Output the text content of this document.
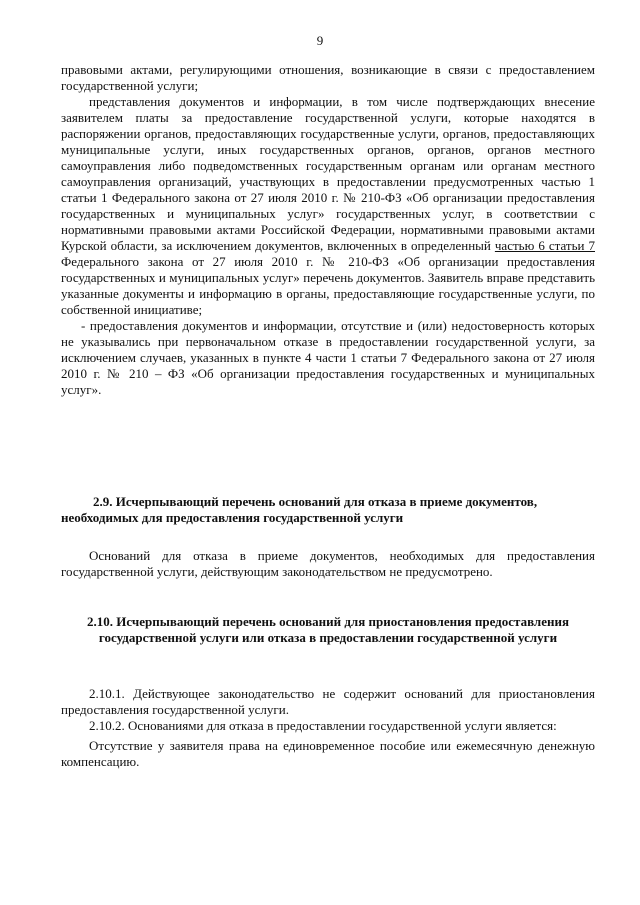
9

правовыми актами, регулирующими отношения, возникающие в связи с предоставлением государственной услуги;

представления документов и информации, в том числе подтверждающих внесение заявителем платы за предоставление государственной услуги, которые находятся в распоряжении органов, предоставляющих государственные услуги, органов, предоставляющих муниципальные услуги, иных государственных органов, органов, органов местного самоуправления либо подведомственных государственным органам или органам местного самоуправления организаций, участвующих в предоставлении предусмотренных частью 1 статьи 1 Федерального закона от 27 июля 2010 г. № 210-ФЗ «Об организации предоставления государственных и муниципальных услуг» государственных услуг, в соответствии с нормативными правовыми актами Российской Федерации, нормативными правовыми актами Курской области, за исключением документов, включенных в определенный частью 6 статьи 7 Федерального закона от 27 июля 2010 г. № 210-ФЗ «Об организации предоставления государственных и муниципальных услуг» перечень документов. Заявитель вправе представить указанные документы и информацию в органы, предоставляющие государственные услуги, по собственной инициативе;

- предоставления документов и информации, отсутствие и (или) недостоверность которых не указывались при первоначальном отказе в предоставлении государственной услуги, за исключением случаев, указанных в пункте 4 части 1 статьи 7 Федерального закона от 27 июля 2010 г. № 210 – ФЗ «Об организации предоставления государственных и муниципальных услуг».

2.9. Исчерпывающий перечень оснований для отказа в приеме документов, необходимых для предоставления государственной услуги

Оснований для отказа в приеме документов, необходимых для предоставления государственной услуги, действующим законодательством не предусмотрено.

2.10. Исчерпывающий перечень оснований для приостановления предоставления государственной услуги или отказа в предоставлении государственной услуги

2.10.1. Действующее законодательство не содержит оснований для приостановления предоставления государственной услуги.

2.10.2. Основаниями для отказа в предоставлении государственной услуги является:

Отсутствие у заявителя права на единовременное пособие или ежемесячную денежную компенсацию.
